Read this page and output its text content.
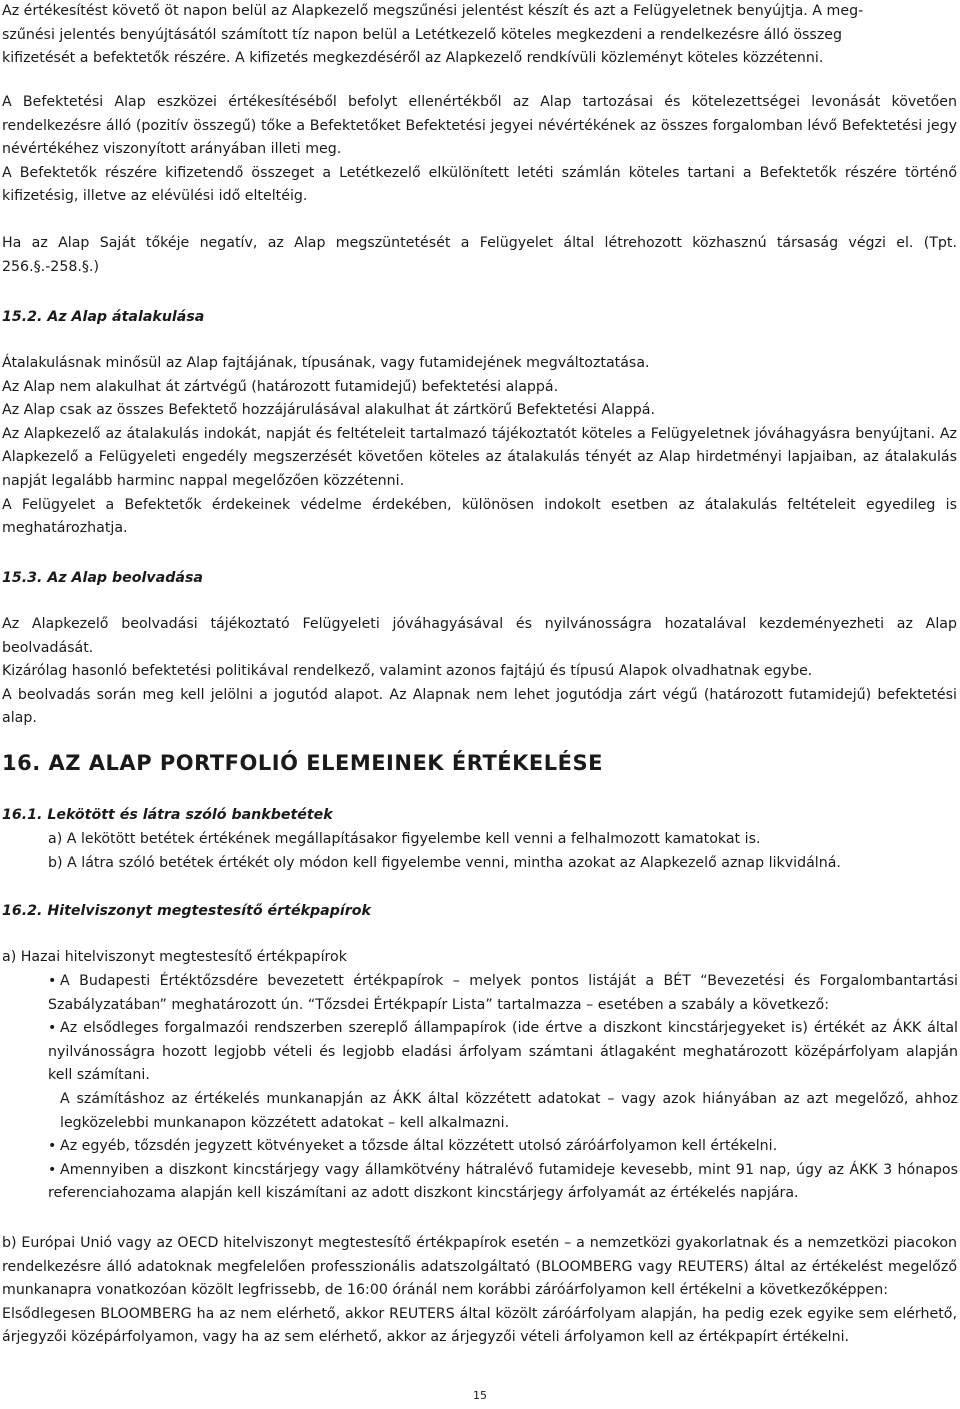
Az értékesítést követő öt napon belül az Alapkezelő megszűnési jelentést készít és azt a Felügyeletnek benyújtja. A meg-
szűnési jelentés benyújtásától számított tíz napon belül a Letétkezelő köteles megkezdeni a rendelkezésre álló összeg
kifizetését a befektetők részére. A kifizetés megkezdéséről az Alapkezelő rendkívüli közleményt köteles közzétenni.

A Befektetési Alap eszközei értékesítéséből befolyt ellenértékből az Alap tartozásai és kötelezettségei levonását követően rendelkezésre álló (pozitív összegű) tőke a Befektetőket Befektetési jegyei névértékének az összes forgalomban lévő Befektetési jegy névértékéhez viszonyított arányában illeti meg.

A Befektetők részére kifizetendő összeget a Letétkezelő elkülönített letéti számlán köteles tartani a Befektetők részére történő kifizetésig, illetve az elévülési idő elteltéig.

Ha az Alap Saját tőkéje negatív, az Alap megszüntetését a Felügyelet által létrehozott közhasznú társaság végzi el. (Tpt. 256.§.-258.§.)

15.2. Az Alap átalakulása

Átalakulásnak minősül az Alap fajtájának, típusának, vagy futamidejének megváltoztatása.

Az Alap nem alakulhat át zártvégű (határozott futamidejű) befektetési alappá.

Az Alap csak az összes Befektető hozzájárulásával alakulhat át zártkörű Befektetési Alappá.

Az Alapkezelő az átalakulás indokát, napját és feltételeit tartalmazó tájékoztatót köteles a Felügyeletnek jóváhagyásra benyújtani. Az Alapkezelő a Felügyeleti engedély megszerzését követően köteles az átalakulás tényét az Alap hirdetményi lapjaiban, az átalakulás napját legalább harminc nappal megelőzően közzétenni.

A Felügyelet a Befektetők érdekeinek védelme érdekében, különösen indokolt esetben az átalakulás feltételeit egyedileg is meghatározhatja.

15.3. Az Alap beolvadása

Az Alapkezelő beolvadási tájékoztató Felügyeleti jóváhagyásával és nyilvánosságra hozatalával kezdeményezheti az Alap beolvadását.

Kizárólag hasonló befektetési politikával rendelkező, valamint azonos fajtájú és típusú Alapok olvadhatnak egybe.

A beolvadás során meg kell jelölni a jogutód alapot. Az Alapnak nem lehet jogutódja zárt végű (határozott futamidejű) befektetési alap.

16. AZ ALAP PORTFOLIÓ ELEMEINEK ÉRTÉKELÉSE
16.1. Lekötött és látra szóló bankbetétek

a) A lekötött betétek értékének megállapításakor figyelembe kell venni a felhalmozott kamatokat is.

b) A látra szóló betétek értékét oly módon kell figyelembe venni, mintha azokat az Alapkezelő aznap likvidálná.

16.2. Hitelviszonyt megtestesítő értékpapírok

a) Hazai hitelviszonyt megtestesítő értékpapírok

• A Budapesti Értéktőzsdére bevezetett értékpapírok – melyek pontos listáját a BÉT “Bevezetési és Forgalombantartási Szabályzatában” meghatározott ún. “Tőzsdei Értékpapír Lista” tartalmazza – esetében a szabály a következő:

• Az elsődleges forgalmazói rendszerben szereplő állampapírok (ide értve a diszkont kincstárjegyeket is) értékét az ÁKK által nyilvánosságra hozott legjobb vételi és legjobb eladási árfolyam számtani átlagaként meghatározott középárfolyam alapján kell számítani.

A számításhoz az értékelés munkanapján az ÁKK által közzétett adatokat – vagy azok hiányában az azt megelőző, ahhoz legközelebbi munkanapon közzétett adatokat – kell alkalmazni.

• Az egyéb, tőzsdén jegyzett kötvényeket a tőzsde által közzétett utolsó záróárfolyamon kell értékelni.

• Amennyiben a diszkont kincstárjegy vagy államkötvény hátralévő futamideje kevesebb, mint 91 nap, úgy az ÁKK 3 hónapos referenciahozama alapján kell kiszámítani az adott diszkont kincstárjegy árfolyamát az értékelés napjára.

b) Európai Unió vagy az OECD hitelviszonyt megtestesítő értékpapírok esetén – a nemzetközi gyakorlatnak és a nemzetközi piacokon rendelkezésre álló adatoknak megfelelően professzionális adatszolgáltató (BLOOMBERG vagy REUTERS) által az értékelést megelőző munkanapra vonatkozóan közölt legfrissebb, de 16:00 óránál nem korábbi záróárfolyamon kell értékelni a következőképpen:

Elsődlegesen BLOOMBERG ha az nem elérhető, akkor REUTERS által közölt záróárfolyam alapján, ha pedig ezek egyike sem elérhető, árjegyzői középárfolyamon, vagy ha az sem elérhető, akkor az árjegyzői vételi árfolyamon kell az értékpapírt értékelni.

15
